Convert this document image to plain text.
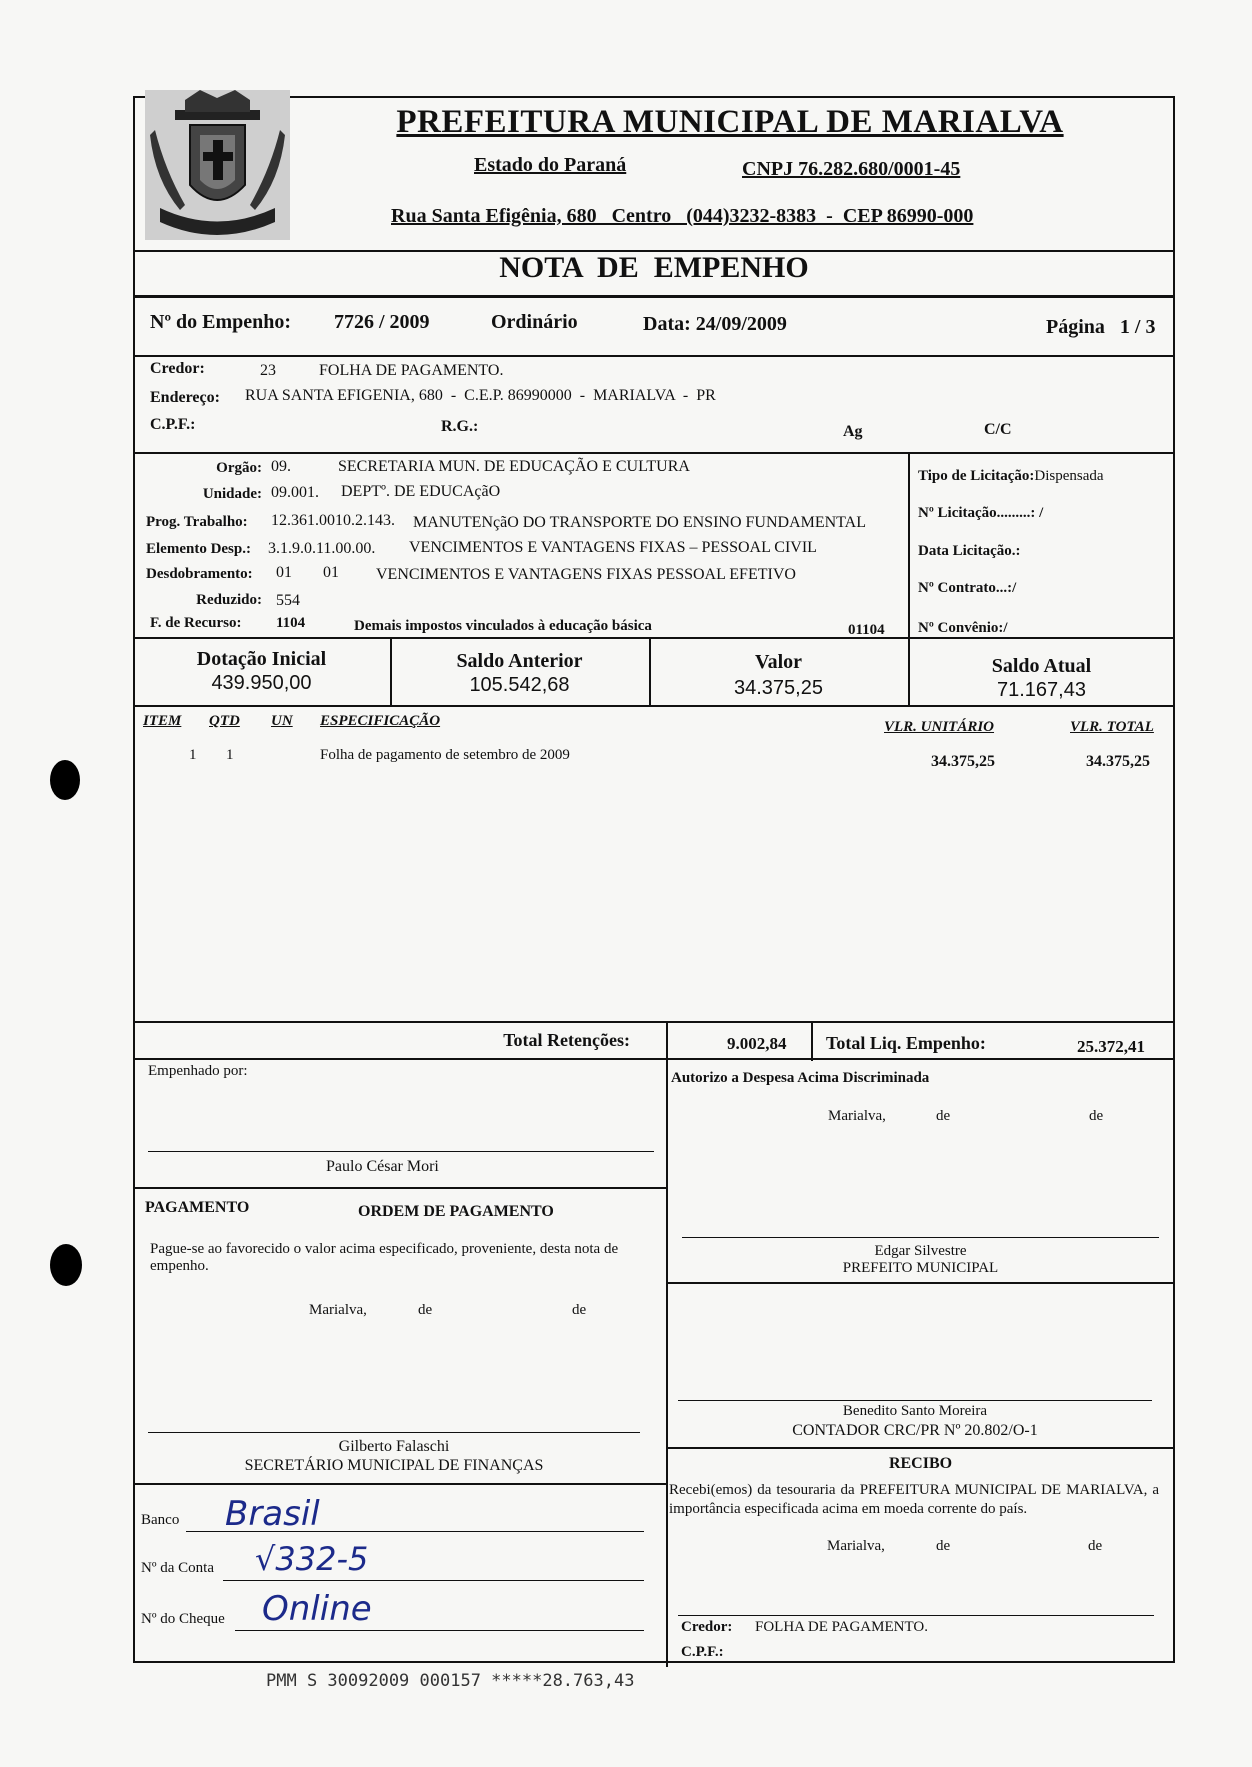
PREFEITURA MUNICIPAL DE MARIALVA
Estado do Paraná	CNPJ 76.282.680/0001-45
Rua Santa Efigênia, 680   Centro   (044)3232-8383  -  CEP 86990-000
NOTA  DE  EMPENHO
Nº do Empenho: 7726 / 2009	Ordinário	Data: 24/09/2009	Página   1 / 3
Credor:	23	FOLHA DE PAGAMENTO.
Endereço: RUA SANTA EFIGENIA, 680  -  C.E.P. 86990000  -  MARIALVA  -  PR
C.P.F.:	R.G.:	Ag	C/C
Orgão: 09.	SECRETARIA MUN. DE EDUCAÇÃO E CULTURA
Unidade: 09.001. DEPTº. DE EDUCAçãO
Prog. Trabalho: 12.361.0010.2.143. MANUTENçãO DO TRANSPORTE DO ENSINO FUNDAMENTAL
Elemento Desp.: 3.1.9.0.11.00.00. VENCIMENTOS E VANTAGENS FIXAS – PESSOAL CIVIL
Desdobramento: 01 01 VENCIMENTOS E VANTAGENS FIXAS PESSOAL EFETIVO
Reduzido: 554
F. de Recurso: 1104	Demais impostos vinculados à educação básica	01104
Tipo de Licitação:Dispensada
Nº Licitação.........: /
Data Licitação.:
Nº Contrato...:/
Nº Convênio:/
Dotação Inicial
439.950,00
Saldo Anterior
105.542,68
Valor
34.375,25
Saldo Atual
71.167,43
ITEM QTD UN ESPECIFICAÇÃO	VLR. UNITÁRIO	VLR. TOTAL
1 1	Folha de pagamento de setembro de 2009	34.375,25	34.375,25
Total Retenções:	9.002,84 Total Liq. Empenho:	25.372,41
Empenhado por:
Paulo César Mori
Autorizo a Despesa Acima Discriminada
Marialva,	de	de
Edgar Silvestre
PREFEITO MUNICIPAL
PAGAMENTO	ORDEM DE PAGAMENTO
Pague-se ao favorecido o valor acima especificado, proveniente, desta nota de empenho.
Marialva,	de	de
Gilberto Falaschi
SECRETÁRIO MUNICIPAL DE FINANÇAS
Benedito Santo Moreira
CONTADOR CRC/PR Nº 20.802/O-1
RECIBO
Recebi(emos) da tesouraria da PREFEITURA MUNICIPAL DE MARIALVA, a importância especificada acima em moeda corrente do país.
Marialva,	de	de
Credor: FOLHA DE PAGAMENTO.
C.P.F.:
Banco Brasil
Nº da Conta √332-5
Nº do Cheque Online
PMM S 30092009 000157 *****28.763,43
